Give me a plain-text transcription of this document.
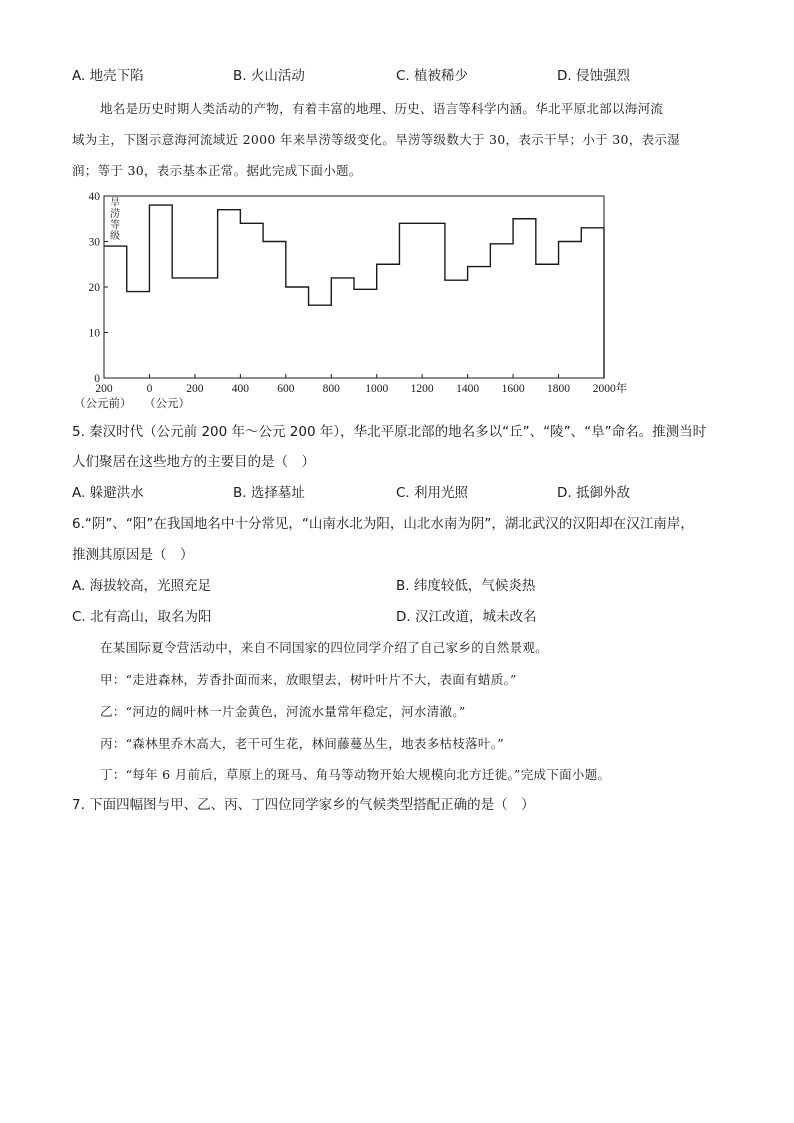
A. 地壳下陷	B. 火山活动	C. 植被稀少	D. 侵蚀强烈
地名是历史时期人类活动的产物，有着丰富的地理、历史、语言等科学内涵。华北平原北部以海河流
域为主，下图示意海河流域近 2000 年来旱涝等级变化。旱涝等级数大于 30，表示干旱；小于 30，表示湿
润；等于 30，表示基本正常。据此完成下面小题。
0
10
20
30
40
200	0	200 400 600 800 1000 1200 1400 1600 1800 2000年
（公元前） （公元）
旱
涝
等
级
5. 秦汉时代（公元前 200 年～公元 200 年），华北平原北部的地名多以“丘”、“陵”、“阜”命名。推测当时
人们聚居在这些地方的主要目的是（　）
A. 躲避洪水	B. 选择墓址	C. 利用光照	D. 抵御外敌
6.“阴”、“阳”在我国地名中十分常见，“山南水北为阳，山北水南为阴”，湖北武汉的汉阳却在汉江南岸，
推测其原因是（　）
A. 海拔较高，光照充足	B. 纬度较低，气候炎热
C. 北有高山，取名为阳	D. 汉江改道，城未改名
在某国际夏令营活动中，来自不同国家的四位同学介绍了自己家乡的自然景观。
甲：“走进森林，芳香扑面而来，放眼望去，树叶叶片不大，表面有蜡质。”
乙：“河边的阔叶林一片金黄色，河流水量常年稳定，河水清澈。”
丙：“森林里乔木高大，老干可生花，林间藤蔓丛生，地表多枯枝落叶。”
丁：“每年 6 月前后，草原上的斑马、角马等动物开始大规模向北方迁徙。”完成下面小题。
7. 下面四幅图与甲、乙、丙、丁四位同学家乡的气候类型搭配正确的是（　）
